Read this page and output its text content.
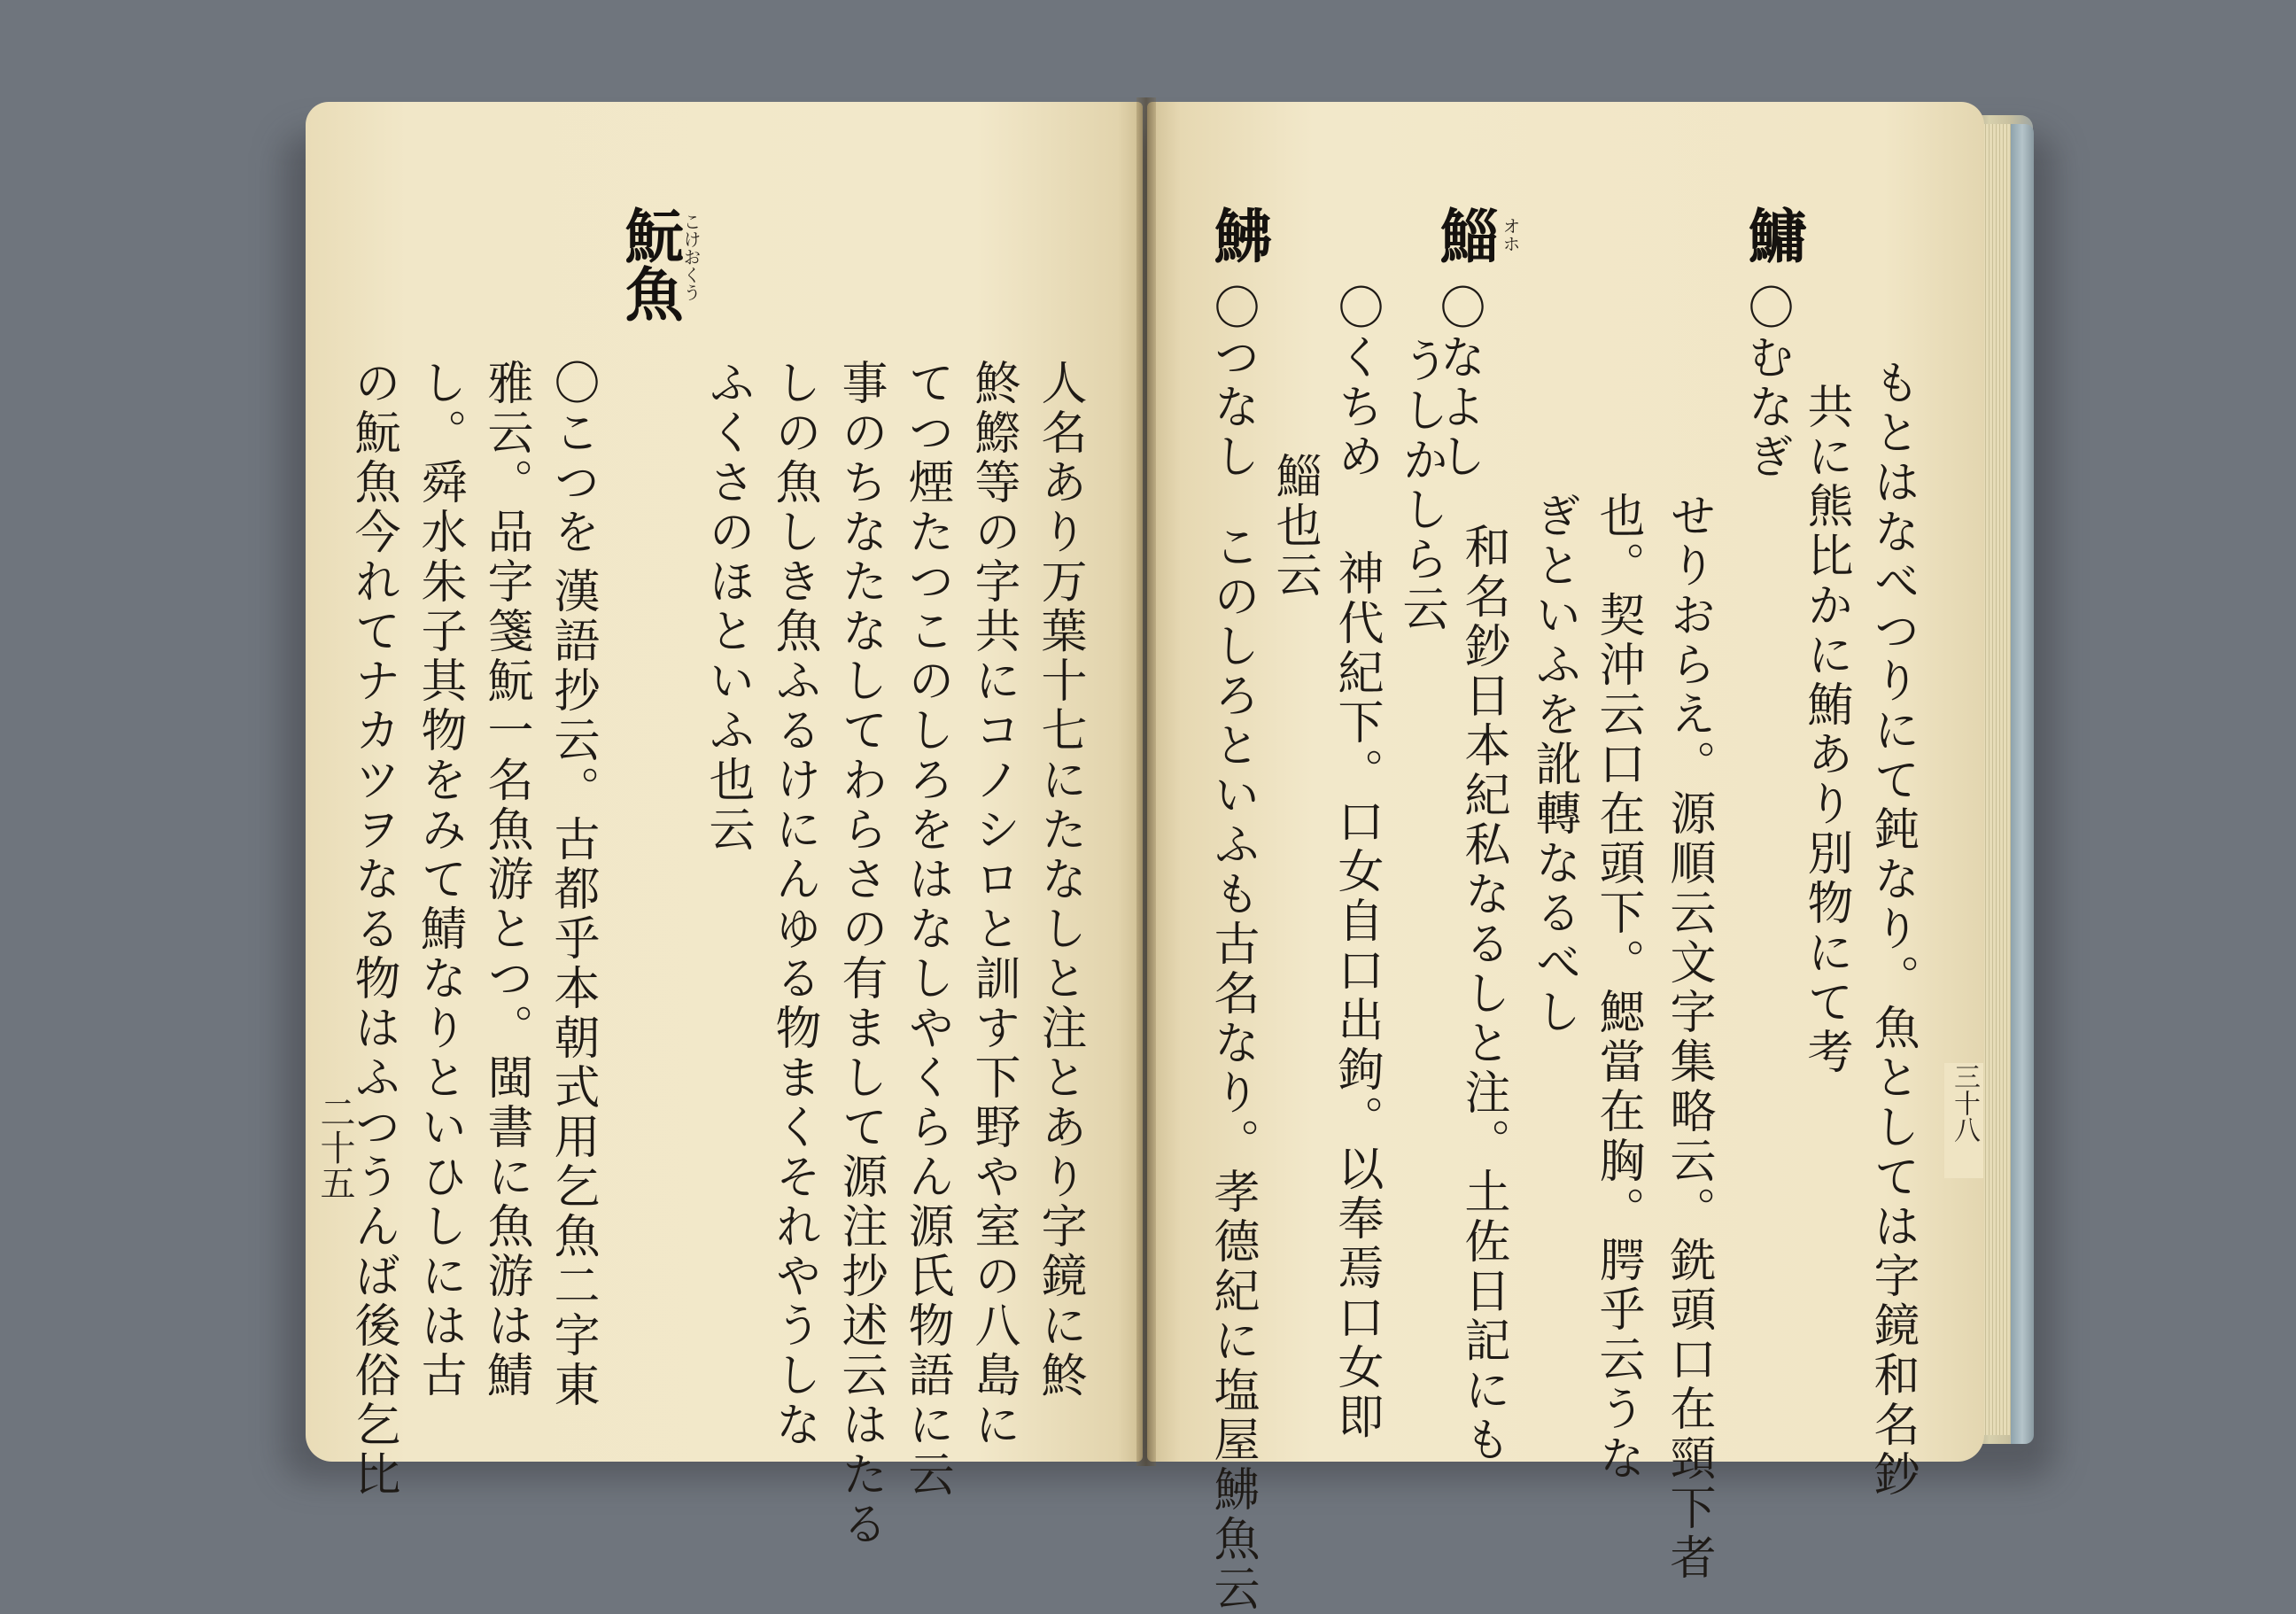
鱅
〇むなぎ もとはなべつりにて鈍なり。魚としては字鏡和名鈔
共に熊比かに鮪あり別物にて考
せりおらえ。源順云文字集略云。銑頭口在頸下者
也。契沖云口在頭下。鰓當在胸。腭乎云うな
ぎといふを訛轉なるべし
鯔 オホ
〇なよし
和名鈔日本紀私なるしと注。土佐日記にも
うしかしら云
〇くちめ
神代紀下。口女自口出鉤。以奉焉口女即
鯔也云
鮄
〇つなし
このしろといふも古名なり。孝德紀に塩屋鮄魚云	三十八
人名あり万葉十七にたなしと注とあり字鏡に鮗
鮗鰶等の字共にコノシロと訓す下野や室の八島に
てつ煙たつこのしろをはなしやくらん源氏物語に云
事のちなたなしてわらさの有まして源注抄述云はたる
しの魚しき魚ふるけにんゆる物まくそれやうしな
ふくさのほといふ也云
魭魚
こけおくう
〇こつを
漢語抄云。古都乎本朝式用乞魚二字東
雅云。品字箋魭一名魚游とつ。閩書に魚游は鯖
し。舜水朱子其物をみて鯖なりといひしには古
の魭魚今れてナカツヲなる物はふつうんば後俗乞比
二十五
